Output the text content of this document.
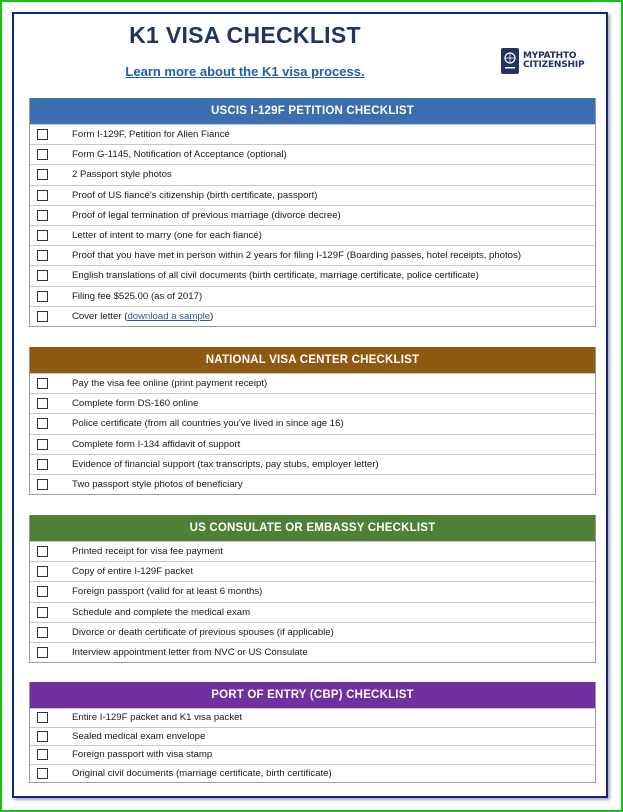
K1 VISA CHECKLIST
Learn more about the K1 visa process.
MYPATHTO
CITIZENSHIP
USCIS I-129F PETITION CHECKLIST
Form I-129F, Petition for Alien Fiancé
Form G-1145, Notification of Acceptance (optional)
2 Passport style photos
Proof of US fiancé's citizenship (birth certificate, passport)
Proof of legal termination of previous marriage (divorce decree)
Letter of intent to marry (one for each fiancé)
Proof that you have met in person within 2 years for filing I-129F (Boarding passes, hotel receipts, photos)
English translations of all civil documents (birth certificate, marriage certificate, police certificate)
Filing fee $525.00 (as of 2017)
Cover letter (download a sample)
NATIONAL VISA CENTER CHECKLIST
Pay the visa fee online (print payment receipt)
Complete form DS-160 online
Police certificate (from all countries you've lived in since age 16)
Complete form I-134 affidavit of support
Evidence of financial support (tax transcripts, pay stubs, employer letter)
Two passport style photos of beneficiary
US CONSULATE OR EMBASSY CHECKLIST
Printed receipt for visa fee payment
Copy of entire I-129F packet
Foreign passport (valid for at least 6 months)
Schedule and complete the medical exam
Divorce or death certificate of previous spouses (if applicable)
Interview appointment letter from NVC or US Consulate
PORT OF ENTRY (CBP) CHECKLIST
Entire I-129F packet and K1 visa packet
Sealed medical exam envelope
Foreign passport with visa stamp
Original civil documents (marriage certificate, birth certificate)
